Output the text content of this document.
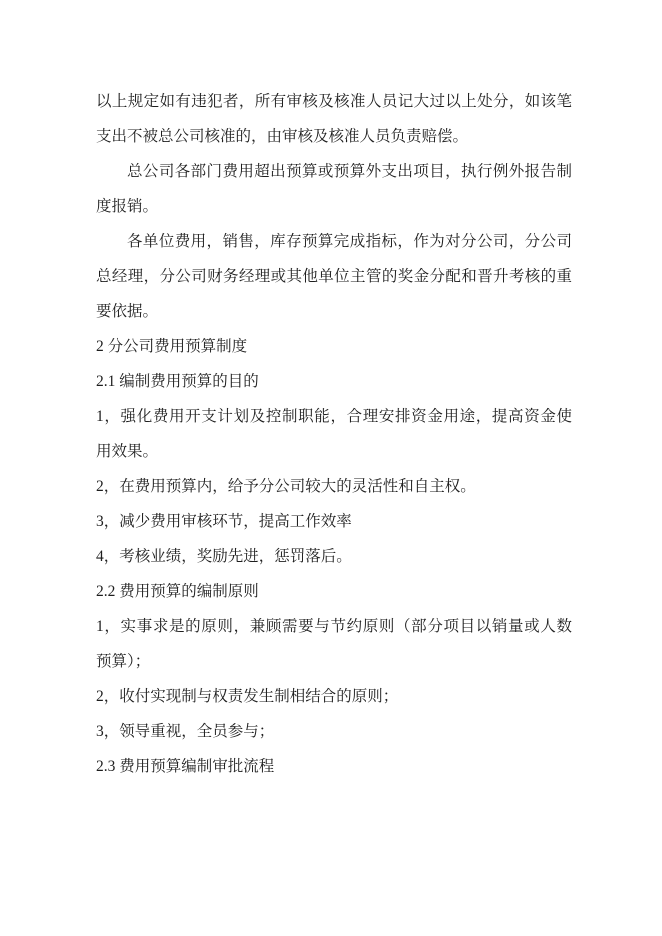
以上规定如有违犯者，所有审核及核准人员记大过以上处分，如该笔
支出不被总公司核准的，由审核及核准人员负责赔偿。
总公司各部门费用超出预算或预算外支出项目，执行例外报告制
度报销。
各单位费用，销售，库存预算完成指标，作为对分公司，分公司
总经理，分公司财务经理或其他单位主管的奖金分配和晋升考核的重
要依据。
2 分公司费用预算制度
2.1 编制费用预算的目的
1，强化费用开支计划及控制职能，合理安排资金用途，提高资金使
用效果。
2，在费用预算内，给予分公司较大的灵活性和自主权。
3，减少费用审核环节，提高工作效率
4，考核业绩，奖励先进，惩罚落后。
2.2 费用预算的编制原则
1，实事求是的原则，兼顾需要与节约原则（部分项目以销量或人数
预算）；
2，收付实现制与权责发生制相结合的原则；
3，领导重视，全员参与；
2.3 费用预算编制审批流程
